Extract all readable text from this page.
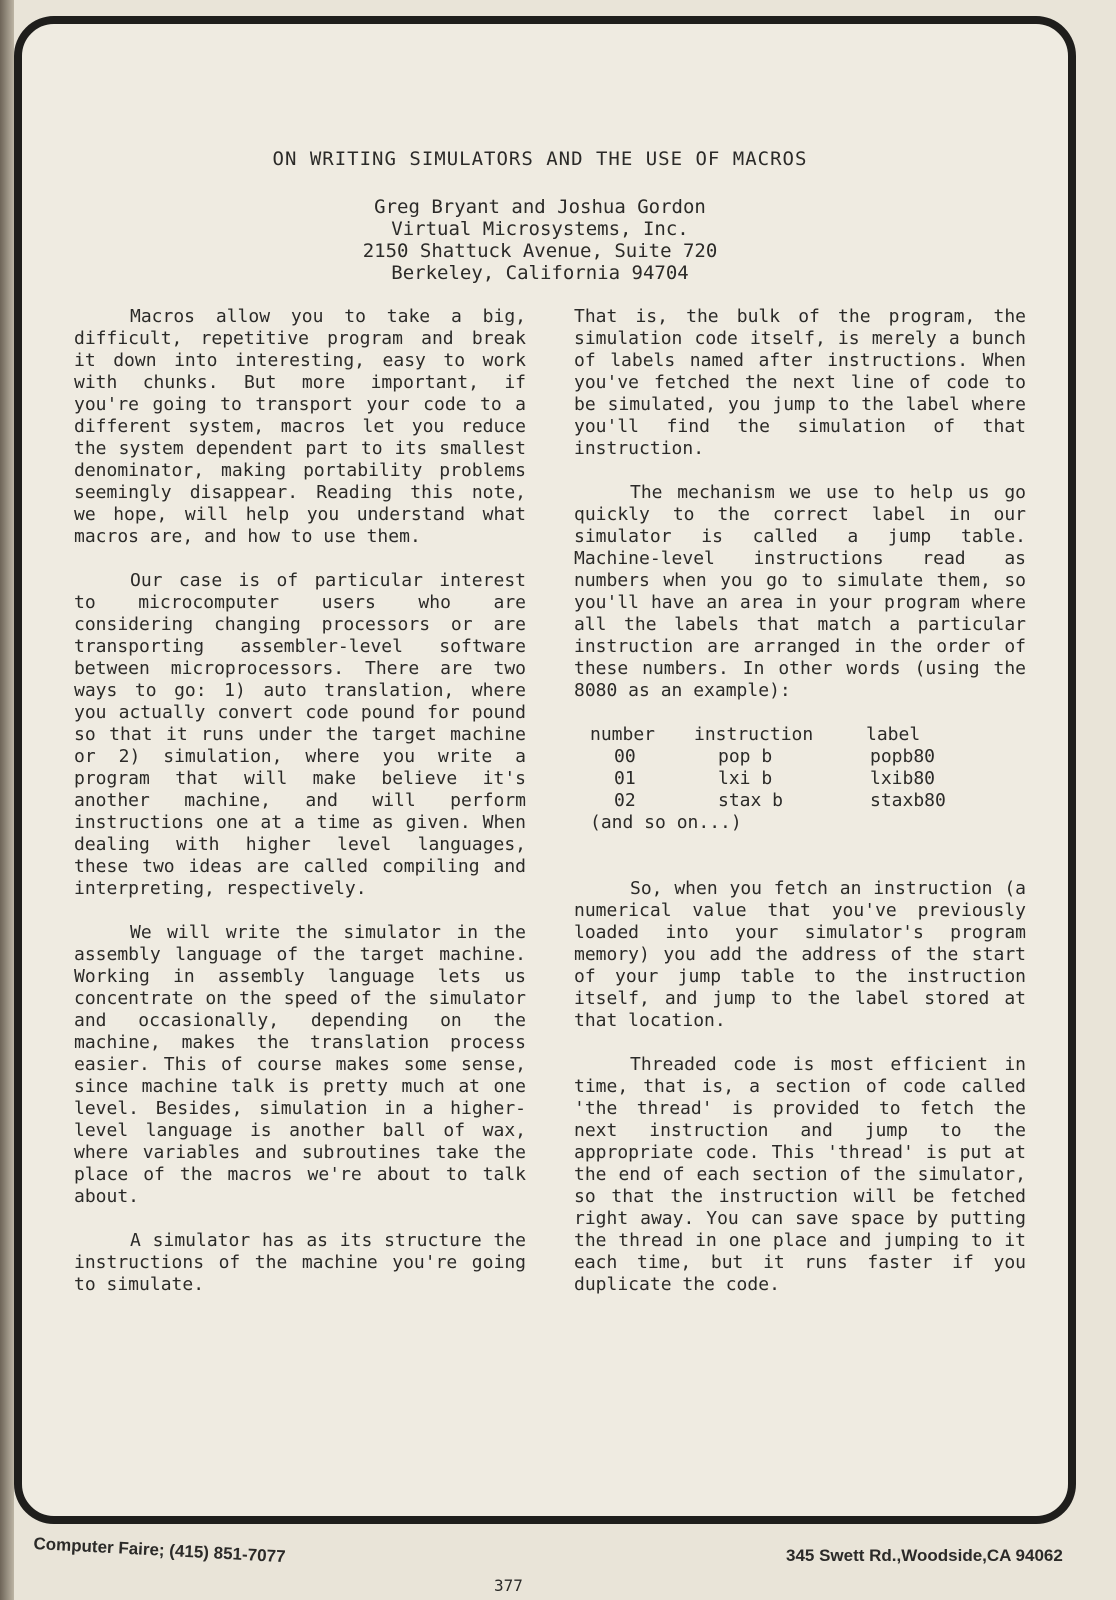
ON WRITING SIMULATORS AND THE USE OF MACROS
Greg Bryant and Joshua Gordon
Virtual Microsystems, Inc.
2150 Shattuck Avenue, Suite 720
Berkeley, California 94704

Macros allow you to take a big, difficult, repetitive program and break it down into interesting, easy to work with chunks. But more important, if you're going to transport your code to a different system, macros let you reduce the system dependent part to its smallest denominator, making portability problems seemingly disappear. Reading this note, we hope, will help you understand what macros are, and how to use them.

Our case is of particular interest to microcomputer users who are considering changing processors or are transporting assembler-level software between microprocessors. There are two ways to go: 1) auto translation, where you actually convert code pound for pound so that it runs under the target machine or 2) simulation, where you write a program that will make believe it's another machine, and will perform instructions one at a time as given. When dealing with higher level languages, these two ideas are called compiling and interpreting, respectively.

We will write the simulator in the assembly language of the target machine. Working in assembly language lets us concentrate on the speed of the simulator and occasionally, depending on the machine, makes the translation process easier. This of course makes some sense, since machine talk is pretty much at one level. Besides, simulation in a higher-level language is another ball of wax, where variables and subroutines take the place of the macros we're about to talk about.

A simulator has as its structure the instructions of the machine you're going to simulate.

That is, the bulk of the program, the simulation code itself, is merely a bunch of labels named after instructions. When you've fetched the next line of code to be simulated, you jump to the label where you'll find the simulation of that instruction.

The mechanism we use to help us go quickly to the correct label in our simulator is called a jump table. Machine-level instructions read as numbers when you go to simulate them, so you'll have an area in your program where all the labels that match a particular instruction are arranged in the order of these numbers. In other words (using the 8080 as an example):

number	instruction	label
00	pop b	popb80
01	lxi b	lxib80
02	stax b	staxb80
(and so on...)

So, when you fetch an instruction (a numerical value that you've previously loaded into your simulator's program memory) you add the address of the start of your jump table to the instruction itself, and jump to the label stored at that location.

Threaded code is most efficient in time, that is, a section of code called 'the thread' is provided to fetch the next instruction and jump to the appropriate code. This 'thread' is put at the end of each section of the simulator, so that the instruction will be fetched right away. You can save space by putting the thread in one place and jumping to it each time, but it runs faster if you duplicate the code.

Computer Faire; (415) 851-7077
377
345 Swett Rd.,Woodside,CA 94062
